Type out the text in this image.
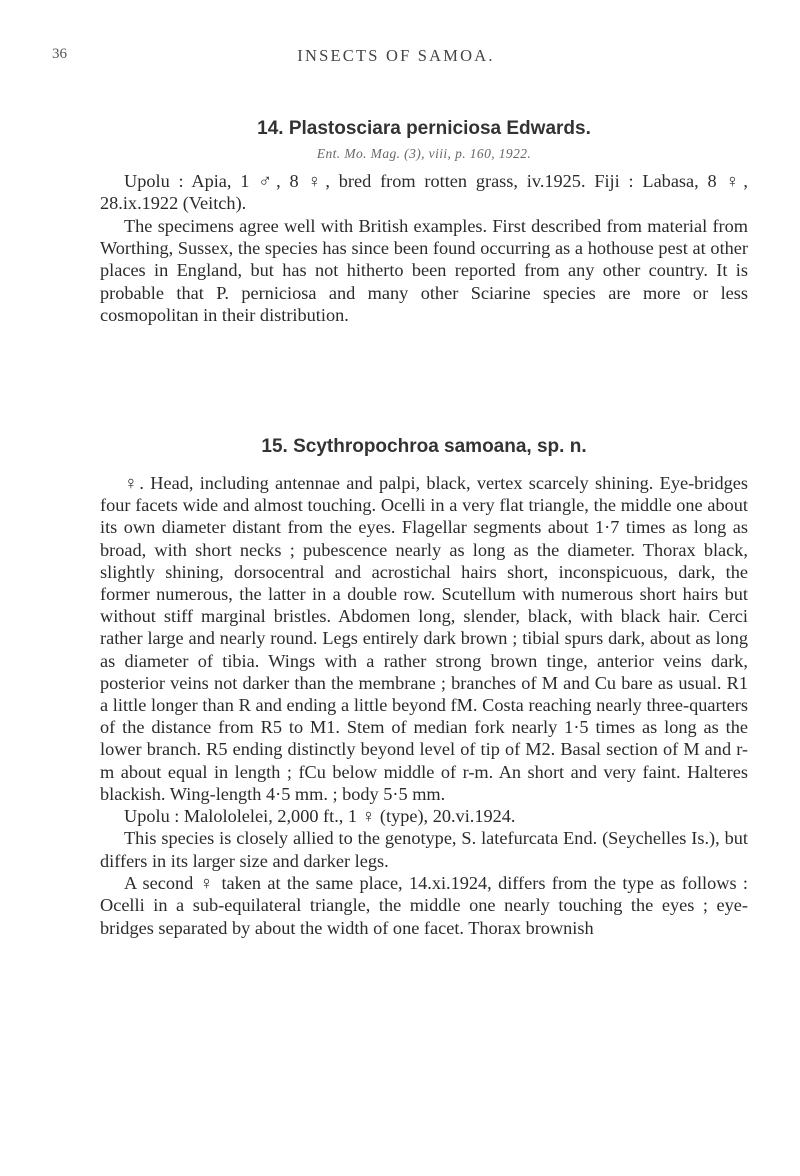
36	INSECTS OF SAMOA.
14. Plastosciara perniciosa Edwards.
Ent. Mo. Mag. (3), viii, p. 160, 1922.

Upolu : Apia, 1 ♂, 8 ♀, bred from rotten grass, iv.1925. Fiji : Labasa, 8 ♀, 28.ix.1922 (Veitch).

The specimens agree well with British examples. First described from material from Worthing, Sussex, the species has since been found occurring as a hothouse pest at other places in England, but has not hitherto been reported from any other country. It is probable that P. perniciosa and many other Sciarine species are more or less cosmopolitan in their distribution.

15. Scythropochroa samoana, sp. n.

♀. Head, including antennae and palpi, black, vertex scarcely shining. Eye-bridges four facets wide and almost touching. Ocelli in a very flat triangle, the middle one about its own diameter distant from the eyes. Flagellar segments about 1·7 times as long as broad, with short necks ; pubescence nearly as long as the diameter. Thorax black, slightly shining, dorsocentral and acrostichal hairs short, inconspicuous, dark, the former numerous, the latter in a double row. Scutellum with numerous short hairs but without stiff marginal bristles. Abdomen long, slender, black, with black hair. Cerci rather large and nearly round. Legs entirely dark brown ; tibial spurs dark, about as long as diameter of tibia. Wings with a rather strong brown tinge, anterior veins dark, posterior veins not darker than the membrane ; branches of M and Cu bare as usual. R1 a little longer than R and ending a little beyond fM. Costa reaching nearly three-quarters of the distance from R5 to M1. Stem of median fork nearly 1·5 times as long as the lower branch. R5 ending distinctly beyond level of tip of M2. Basal section of M and r-m about equal in length ; fCu below middle of r-m. An short and very faint. Halteres blackish. Wing-length 4·5 mm. ; body 5·5 mm.

Upolu : Malololelei, 2,000 ft., 1 ♀ (type), 20.vi.1924.

This species is closely allied to the genotype, S. latefurcata End. (Seychelles Is.), but differs in its larger size and darker legs.

A second ♀ taken at the same place, 14.xi.1924, differs from the type as follows : Ocelli in a sub-equilateral triangle, the middle one nearly touching the eyes ; eye-bridges separated by about the width of one facet. Thorax brownish
